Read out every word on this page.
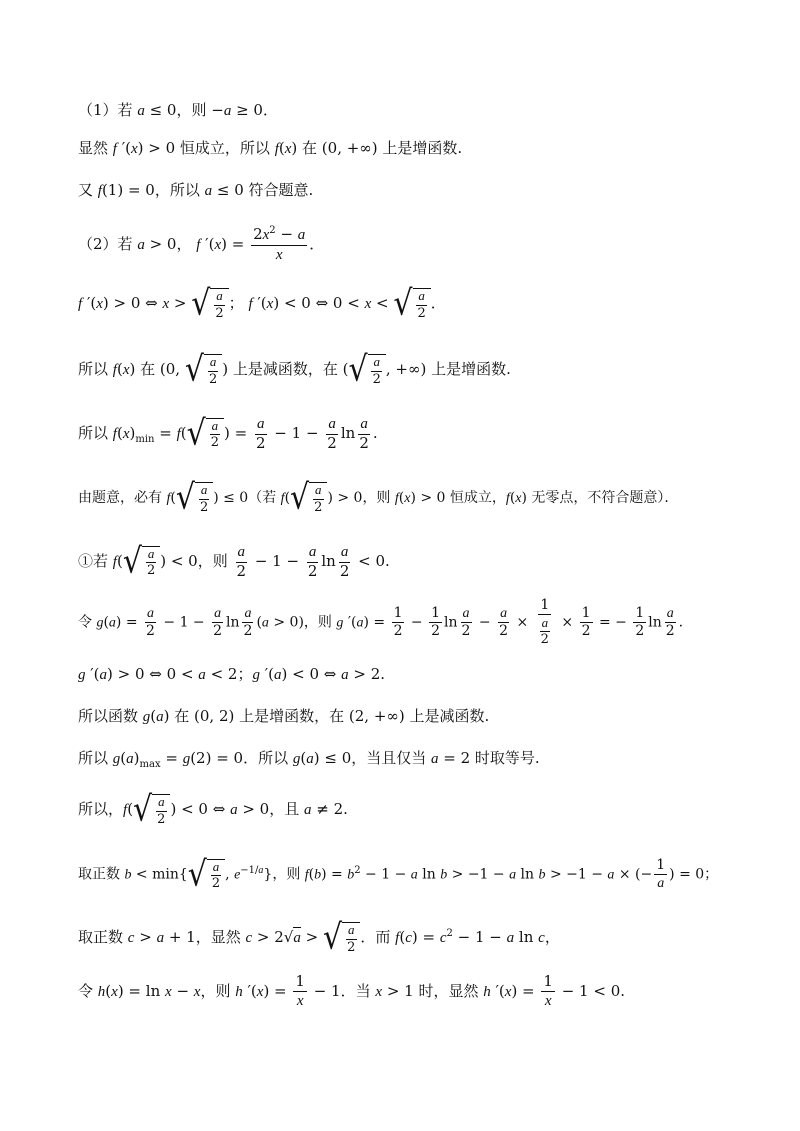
（1）若 a ≤ 0，则 −a ≥ 0．
显然 f ′(x) > 0 恒成立，所以 f(x) 在 (0, +∞) 上是增函数.
又 f(1) = 0，所以 a ≤ 0 符合题意.
（2）若 a > 0， f $'(x) = \frac{2x^2 - a}{x}$ ．
f ′(x) > 0 ⇔ x > √ $\frac{a}{2}$ ； f ′(x) < 0 ⇔ 0 < x < √ $\frac{a}{2}$ ．
所以 f(x) 在 (0, √ $\frac{a}{2}$ ) 上是减函数，在 ( √ $\frac{a}{2}$ , +∞) 上是增函数.
所以 $f(x)_{min} = f$( √ $\frac{a}{2}$ ) = $\frac{a}{2} - 1 - \frac{a}{2}$ $\ln \frac{a}{2}$ .
由题意，必有 f( √ $\frac{a}{2}$ ) ≤ 0（若 f( √ $\frac{a}{2}$ ) > 0，则 f(x) > 0 恒成立，f(x) 无零点，不符合题意）．
①若 f( √ $\frac{a}{2}$ ) < 0，则 $\frac{a}{2} - 1 - \frac{a}{2}$ $\ln \frac{a}{2} < 0$.
令 $g(a) = \frac{a}{2} - 1 - \frac{a}{2}$ $\ln \frac{a}{2} (a > 0)$，则 g $'(a) = \frac{1}{2} - \frac{1}{2}$ $\ln \frac{a}{2} - \frac{a}{2} \times \frac{1}{\frac{a}{2}} \times \frac{1}{2}$ = − $\frac{1}{2}$ $\ln \frac{a}{2}$ .
g ′(a) > 0 ⇔ 0 < a < 2；g ′(a) < 0 ⇔ a > 2.
所以函数 g(a) 在 (0, 2) 上是增函数，在 (2, +∞) 上是减函数.
所以 $g(a)_{max} = g(2) = 0$．所以 g(a) ≤ 0，当且仅当 a = 2 时取等号.
所以，f( √ $\frac{a}{2}$ ) < 0 ⇔ a > 0，且 a ≠ 2.
取正数 b < min{ √ $\frac{a}{2}$ , $e^{-1/a}$}，则 $f(b) = b^2 - 1 - a$ ln b > −1 − a ln b > −1 − a × (− $\frac{1}{a}$ ) = 0；
取正数 c > a + 1，显然 c > 2√a > √ $\frac{a}{2}$ ．而 $f(c) = c^2 - 1 - a$ ln c，
令 h(x) = ln x − x，则 h $'(x) = \frac{1}{x} - 1$．当 x > 1 时，显然 h $'(x) = \frac{1}{x} - 1 < 0$.
